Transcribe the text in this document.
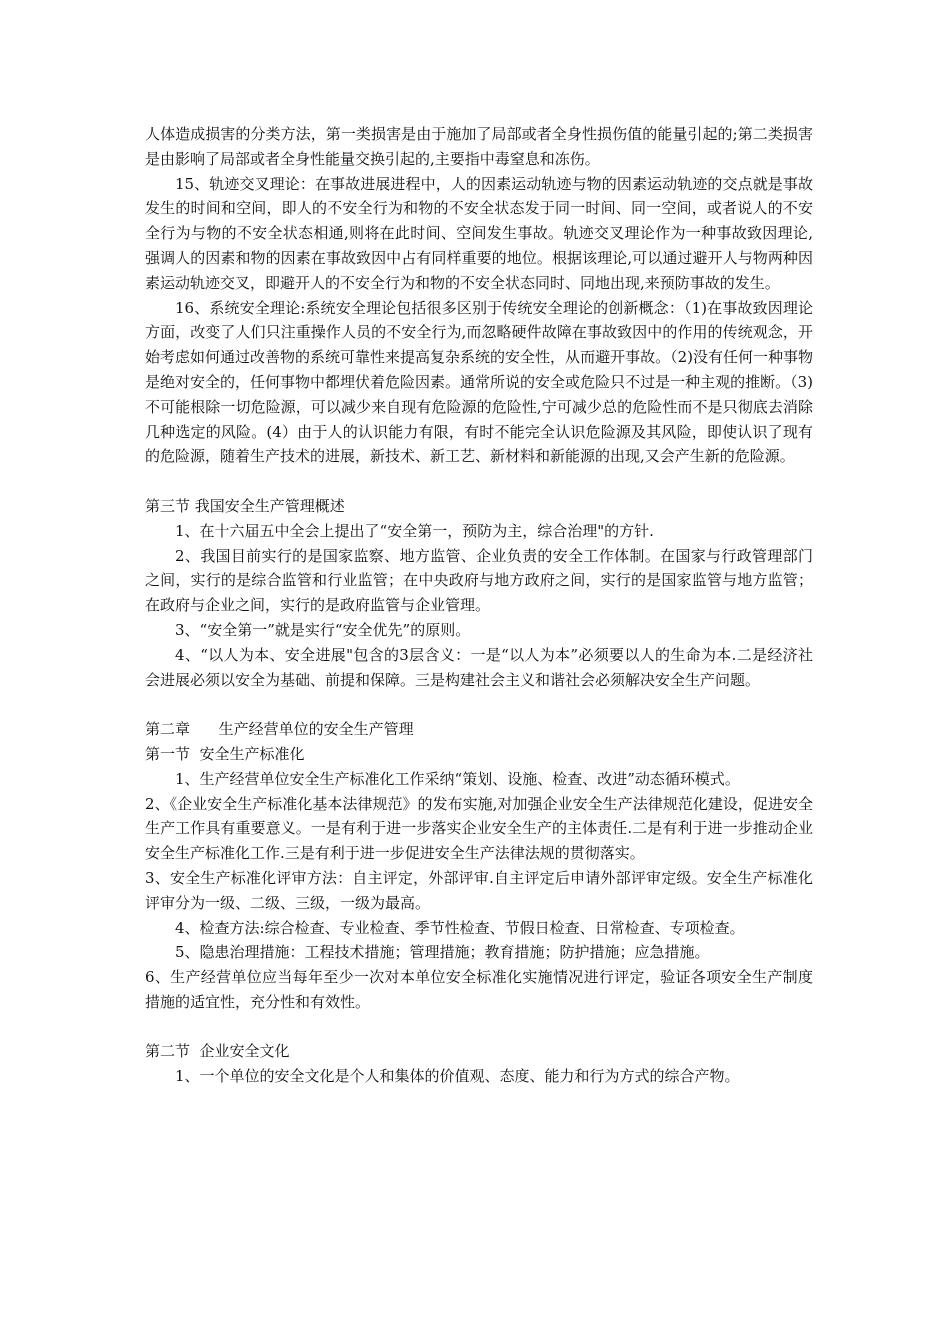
人体造成损害的分类方法，第一类损害是由于施加了局部或者全身性损伤值的能量引起的;第二类损害是由影响了局部或者全身性能量交换引起的,主要指中毒窒息和冻伤。

15、轨迹交叉理论：在事故进展进程中，人的因素运动轨迹与物的因素运动轨迹的交点就是事故发生的时间和空间，即人的不安全行为和物的不安全状态发于同一时间、同一空间，或者说人的不安全行为与物的不安全状态相通,则将在此时间、空间发生事故。轨迹交叉理论作为一种事故致因理论,强调人的因素和物的因素在事故致因中占有同样重要的地位。根据该理论,可以通过避开人与物两种因素运动轨迹交叉，即避开人的不安全行为和物的不安全状态同时、同地出现,来预防事故的发生。

16、系统安全理论:系统安全理论包括很多区别于传统安全理论的创新概念：（1)在事故致因理论方面，改变了人们只注重操作人员的不安全行为,而忽略硬件故障在事故致因中的作用的传统观念，开始考虑如何通过改善物的系统可靠性来提高复杂系统的安全性，从而避开事故。（2)没有任何一种事物是绝对安全的，任何事物中都埋伏着危险因素。通常所说的安全或危险只不过是一种主观的推断。（3)不可能根除一切危险源，可以减少来自现有危险源的危险性,宁可减少总的危险性而不是只彻底去消除几种选定的风险。(4）由于人的认识能力有限，有时不能完全认识危险源及其风险，即使认识了现有的危险源，随着生产技术的进展，新技术、新工艺、新材料和新能源的出现,又会产生新的危险源。

第三节 我国安全生产管理概述

1、在十六届五中全会上提出了“安全第一，预防为主，综合治理"的方针.

2、我国目前实行的是国家监察、地方监管、企业负责的安全工作体制。在国家与行政管理部门之间，实行的是综合监管和行业监管；在中央政府与地方政府之间，实行的是国家监管与地方监管；在政府与企业之间，实行的是政府监管与企业管理。

3、“安全第一”就是实行“安全优先”的原则。

4、“以人为本、安全进展"包含的3层含义：一是“以人为本”必须要以人的生命为本.二是经济社会进展必须以安全为基础、前提和保障。三是构建社会主义和谐社会必须解决安全生产问题。

第二章      生产经营单位的安全生产管理

第一节  安全生产标准化

1、生产经营单位安全生产标准化工作采纳“策划、设施、检查、改进”动态循环模式。

2、《企业安全生产标准化基本法律规范》的发布实施,对加强企业安全生产法律规范化建设，促进安全生产工作具有重要意义。一是有利于进一步落实企业安全生产的主体责任.二是有利于进一步推动企业安全生产标准化工作.三是有利于进一步促进安全生产法律法规的贯彻落实。

3、安全生产标准化评审方法：自主评定，外部评审.自主评定后申请外部评审定级。安全生产标准化评审分为一级、二级、三级，一级为最高。

4、检查方法:综合检查、专业检查、季节性检查、节假日检查、日常检查、专项检查。

5、隐患治理措施：工程技术措施；管理措施；教育措施；防护措施；应急措施。

6、生产经营单位应当每年至少一次对本单位安全标准化实施情况进行评定，验证各项安全生产制度措施的适宜性，充分性和有效性。

第二节  企业安全文化

1、一个单位的安全文化是个人和集体的价值观、态度、能力和行为方式的综合产物。
